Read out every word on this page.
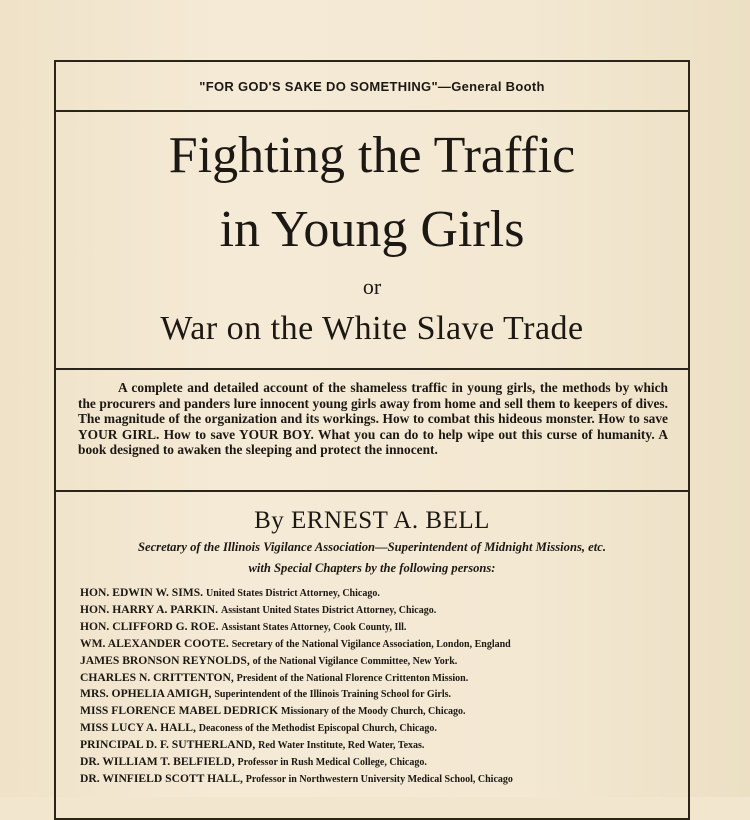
"FOR GOD'S SAKE DO SOMETHING"—General Booth
Fighting the Traffic
in Young Girls
or
War on the White Slave Trade

A complete and detailed account of the shameless traffic in young girls, the methods by which the procurers and panders lure innocent young girls away from home and sell them to keepers of dives. The magnitude of the organization and its workings. How to combat this hideous monster. How to save YOUR GIRL. How to save YOUR BOY. What you can do to help wipe out this curse of humanity. A book designed to awaken the sleeping and protect the innocent.

By ERNEST A. BELL
Secretary of the Illinois Vigilance Association—Superintendent of Midnight Missions, etc.
with Special Chapters by the following persons:
HON. EDWIN W. SIMS. United States District Attorney, Chicago.
HON. HARRY A. PARKIN. Assistant United States District Attorney, Chicago.
HON. CLIFFORD G. ROE. Assistant States Attorney, Cook County, Ill.
WM. ALEXANDER COOTE. Secretary of the National Vigilance Association, London, England
JAMES BRONSON REYNOLDS, of the National Vigilance Committee, New York.
CHARLES N. CRITTENTON, President of the National Florence Crittenton Mission.
MRS. OPHELIA AMIGH, Superintendent of the Illinois Training School for Girls.
MISS FLORENCE MABEL DEDRICK Missionary of the Moody Church, Chicago.
MISS LUCY A. HALL, Deaconess of the Methodist Episcopal Church, Chicago.
PRINCIPAL D. F. SUTHERLAND, Red Water Institute, Red Water, Texas.
DR. WILLIAM T. BELFIELD, Professor in Rush Medical College, Chicago.
DR. WINFIELD SCOTT HALL, Professor in Northwestern University Medical School, Chicago
